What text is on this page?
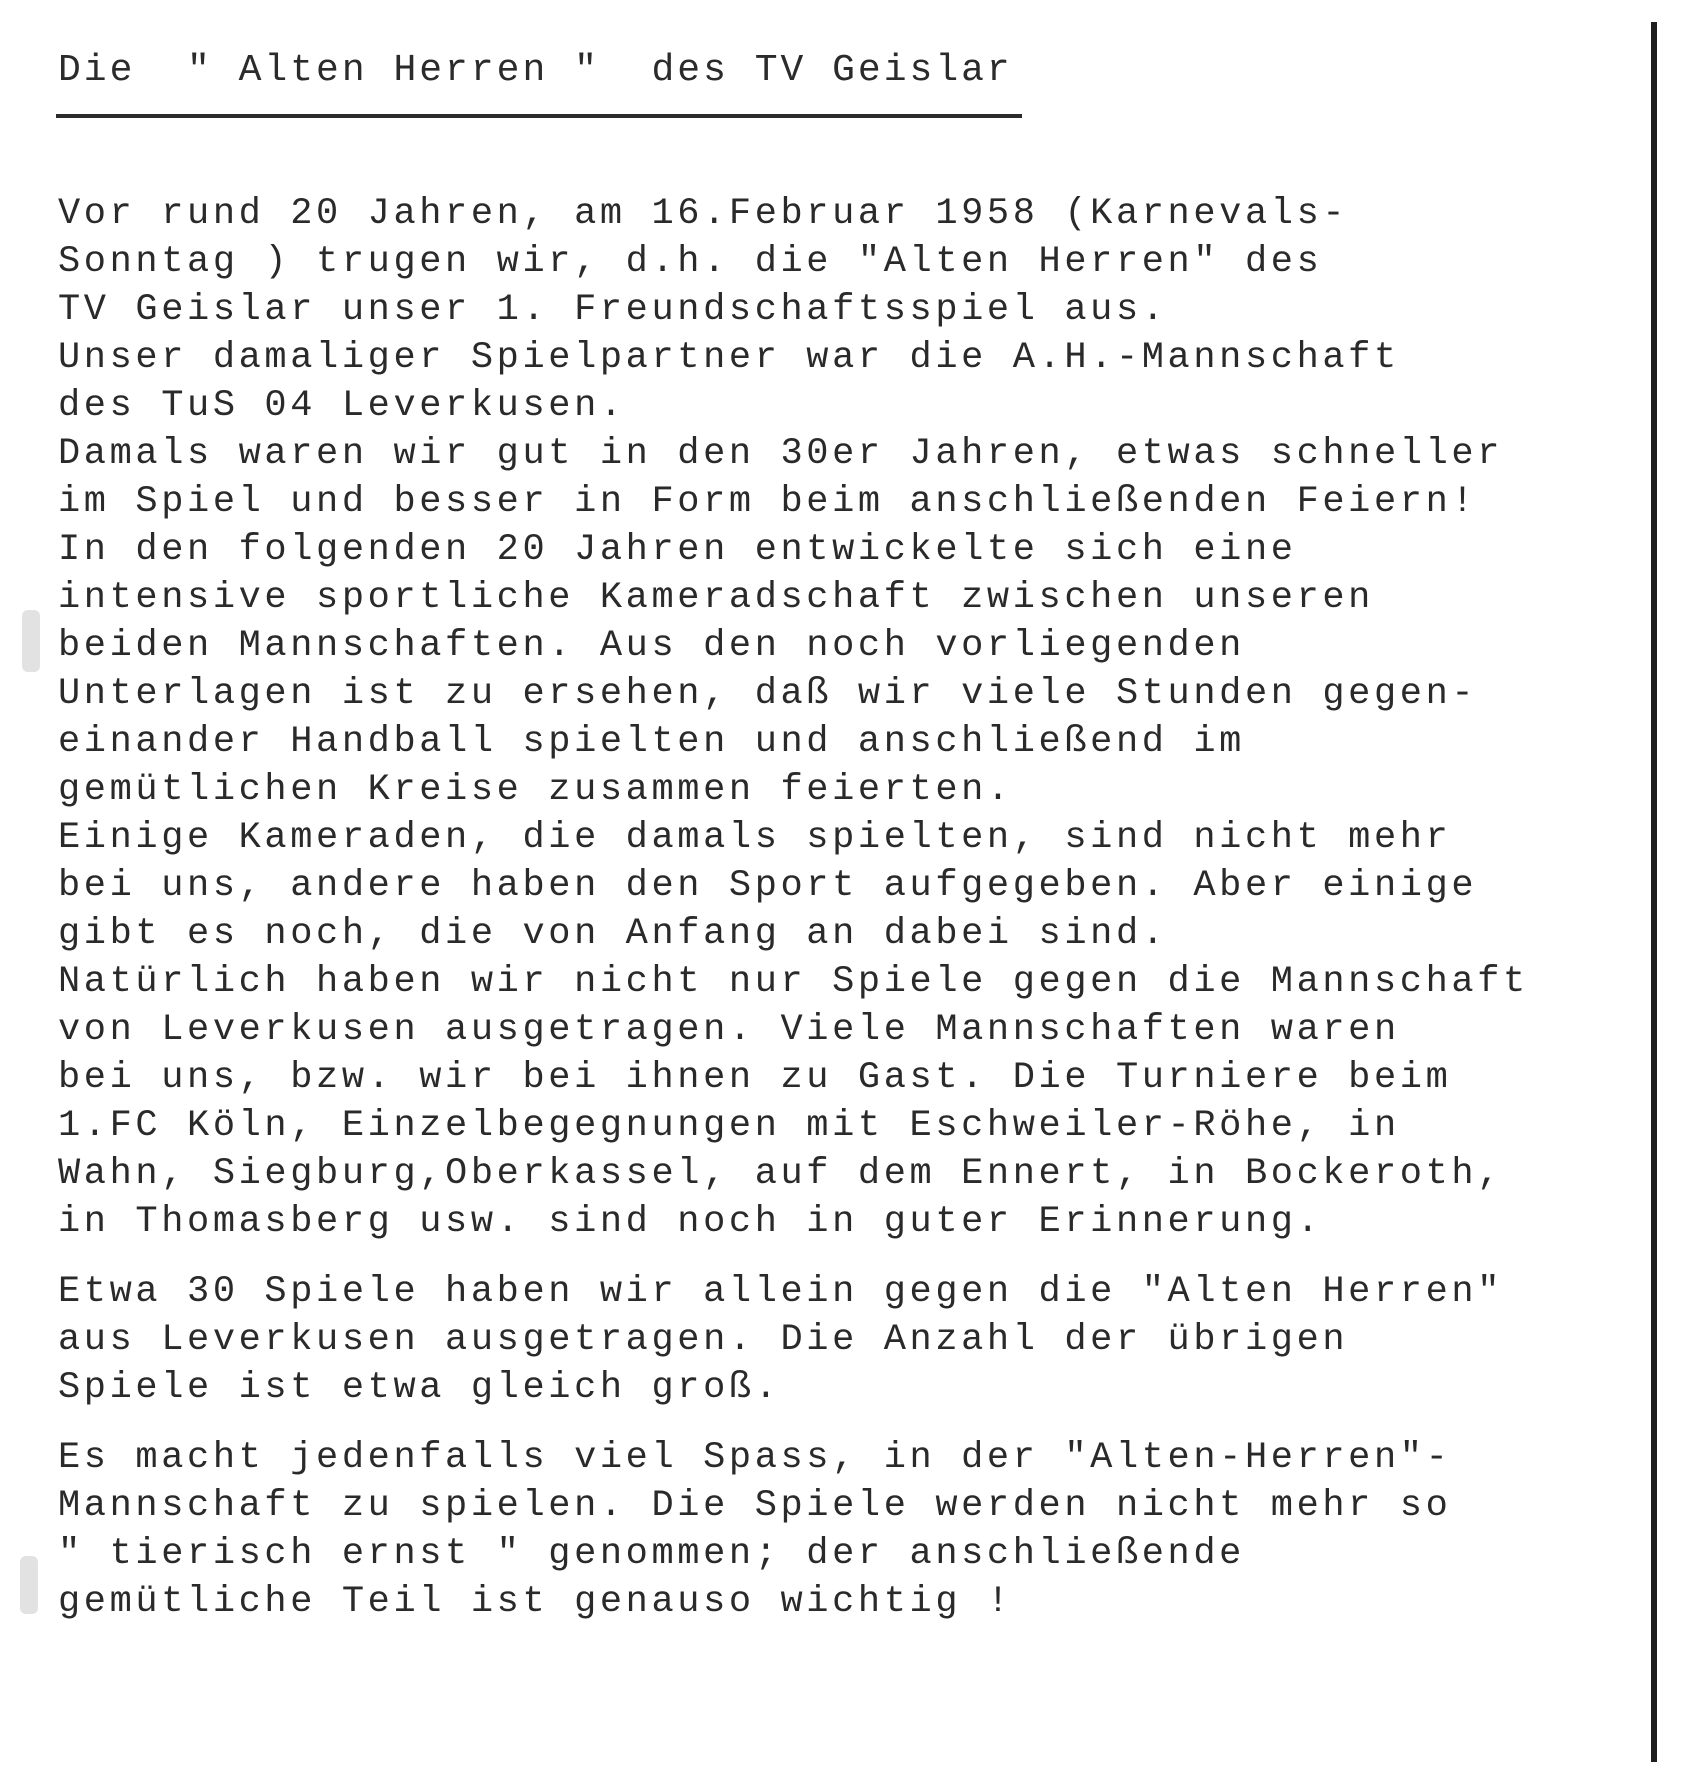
Die  " Alten Herren "  des TV Geislar
Vor rund 20 Jahren, am 16.Februar 1958 (Karnevals-
Sonntag ) trugen wir, d.h. die "Alten Herren" des
TV Geislar unser 1. Freundschaftsspiel aus.
Unser damaliger Spielpartner war die A.H.-Mannschaft
des TuS 04 Leverkusen.
Damals waren wir gut in den 30er Jahren, etwas schneller
im Spiel und besser in Form beim anschließenden Feiern!
In den folgenden 20 Jahren entwickelte sich eine
intensive sportliche Kameradschaft zwischen unseren
beiden Mannschaften. Aus den noch vorliegenden
Unterlagen ist zu ersehen, daß wir viele Stunden gegen-
einander Handball spielten und anschließend im
gemütlichen Kreise zusammen feierten.
Einige Kameraden, die damals spielten, sind nicht mehr
bei uns, andere haben den Sport aufgegeben. Aber einige
gibt es noch, die von Anfang an dabei sind.
Natürlich haben wir nicht nur Spiele gegen die Mannschaft
von Leverkusen ausgetragen. Viele Mannschaften waren
bei uns, bzw. wir bei ihnen zu Gast. Die Turniere beim
1.FC Köln, Einzelbegegnungen mit Eschweiler-Röhe, in
Wahn, Siegburg,Oberkassel, auf dem Ennert, in Bockeroth,
in Thomasberg usw. sind noch in guter Erinnerung.
Etwa 30 Spiele haben wir allein gegen die "Alten Herren"
aus Leverkusen ausgetragen. Die Anzahl der übrigen
Spiele ist etwa gleich groß.
Es macht jedenfalls viel Spass, in der "Alten-Herren"-
Mannschaft zu spielen. Die Spiele werden nicht mehr so
" tierisch ernst " genommen; der anschließende
gemütliche Teil ist genauso wichtig !
